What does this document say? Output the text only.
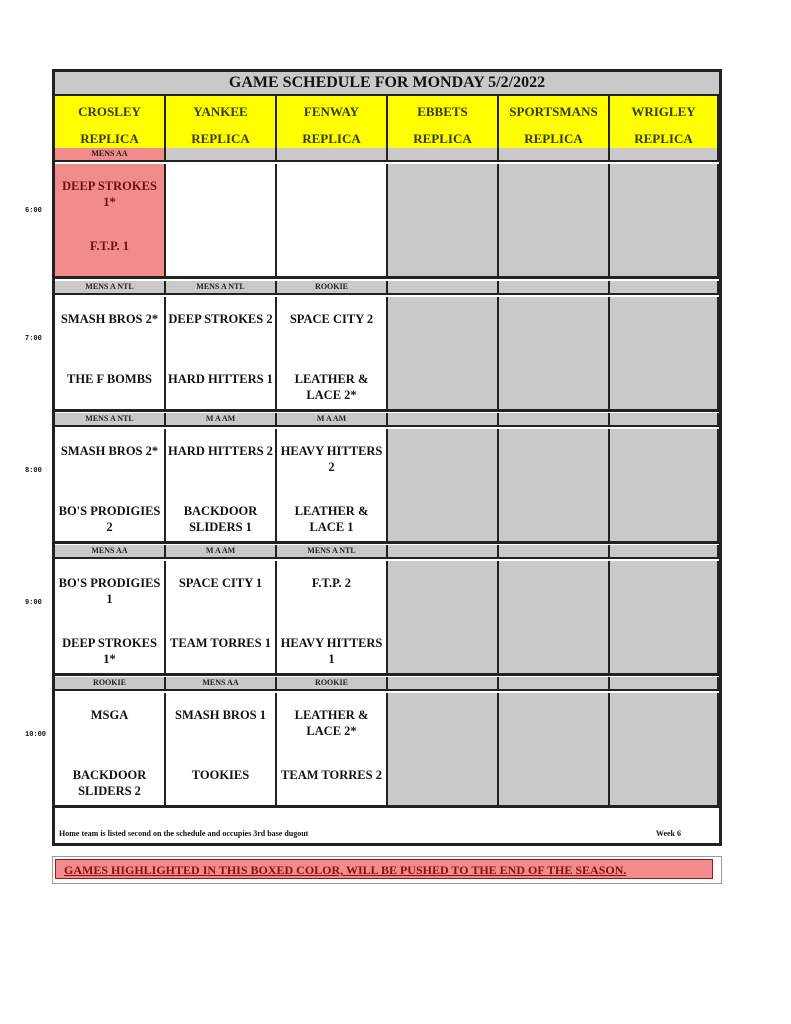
GAME SCHEDULE FOR MONDAY 5/2/2022
CROSLEY
REPLICA
YANKEE
REPLICA
FENWAY
REPLICA
EBBETS
REPLICA
SPORTSMANS
REPLICA
WRIGLEY
REPLICA
MENS AA
DEEP STROKES 1*
F.T.P. 1
MENS A NTL
SMASH BROS 2*
THE F BOMBS
MENS A NTL
DEEP STROKES 2
HARD HITTERS 1
ROOKIE
SPACE CITY 2
LEATHER & LACE 2*
MENS A NTL
SMASH BROS 2*
BO'S PRODIGIES 2
M A AM
HARD HITTERS 2
BACKDOOR SLIDERS 1
M A AM
HEAVY HITTERS 2
LEATHER & LACE 1
MENS AA
BO'S PRODIGIES 1
DEEP STROKES 1*
M A AM
SPACE CITY 1
TEAM TORRES 1
MENS A NTL
F.T.P. 2
HEAVY HITTERS 1
ROOKIE
MSGA
BACKDOOR SLIDERS 2
MENS AA
SMASH BROS 1
TOOKIES
ROOKIE
LEATHER & LACE 2*
TEAM TORRES 2
Home team is listed second on the schedule and occupies 3rd base dugout	Week 6
6:00
7:00
8:00
9:00
10:00
GAMES HIGHLIGHTED IN THIS BOXED COLOR, WILL BE PUSHED TO THE END OF THE SEASON.
